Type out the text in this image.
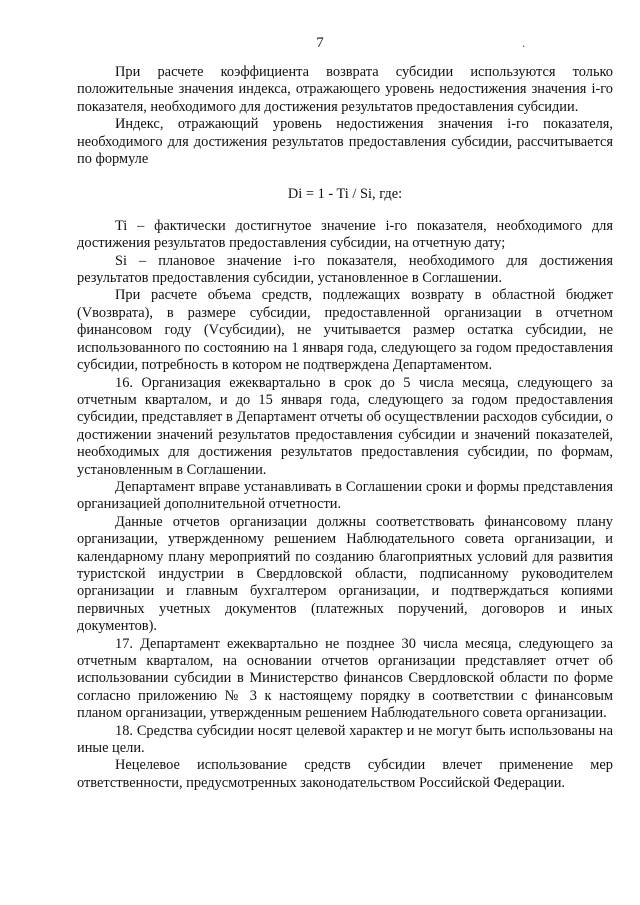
7	.

При расчете коэффициента возврата субсидии используются только положительные значения индекса, отражающего уровень недостижения значения i-го показателя, необходимого для достижения результатов предоставления субсидии.

Индекс, отражающий уровень недостижения значения i-го показателя, необходимого для достижения результатов предоставления субсидии, рассчитывается по формуле

Di = 1 - Ti / Si, где:

Ti – фактически достигнутое значение i-го показателя, необходимого для достижения результатов предоставления субсидии, на отчетную дату;

Si – плановое значение i-го показателя, необходимого для достижения результатов предоставления субсидии, установленное в Соглашении.

При расчете объема средств, подлежащих возврату в областной бюджет (Vвозврата), в размере субсидии, предоставленной организации в отчетном финансовом году (Vсубсидии), не учитывается размер остатка субсидии, не использованного по состоянию на 1 января года, следующего за годом предоставления субсидии, потребность в котором не подтверждена Департаментом.

16. Организация ежеквартально в срок до 5 числа месяца, следующего за отчетным кварталом, и до 15 января года, следующего за годом предоставления субсидии, представляет в Департамент отчеты об осуществлении расходов субсидии, о достижении значений результатов предоставления субсидии и значений показателей, необходимых для достижения результатов предоставления субсидии, по формам, установленным в Соглашении.

Департамент вправе устанавливать в Соглашении сроки и формы представления организацией дополнительной отчетности.

Данные отчетов организации должны соответствовать финансовому плану организации, утвержденному решением Наблюдательного совета организации, и календарному плану мероприятий по созданию благоприятных условий для развития туристской индустрии в Свердловской области, подписанному руководителем организации и главным бухгалтером организации, и подтверждаться копиями первичных учетных документов (платежных поручений, договоров и иных документов).

17. Департамент ежеквартально не позднее 30 числа месяца, следующего за отчетным кварталом, на основании отчетов организации представляет отчет об использовании субсидии в Министерство финансов Свердловской области по форме согласно приложению № 3 к настоящему порядку в соответствии с финансовым планом организации, утвержденным решением Наблюдательного совета организации.

18. Средства субсидии носят целевой характер и не могут быть использованы на иные цели.

Нецелевое использование средств субсидии влечет применение мер ответственности, предусмотренных законодательством Российской Федерации.
